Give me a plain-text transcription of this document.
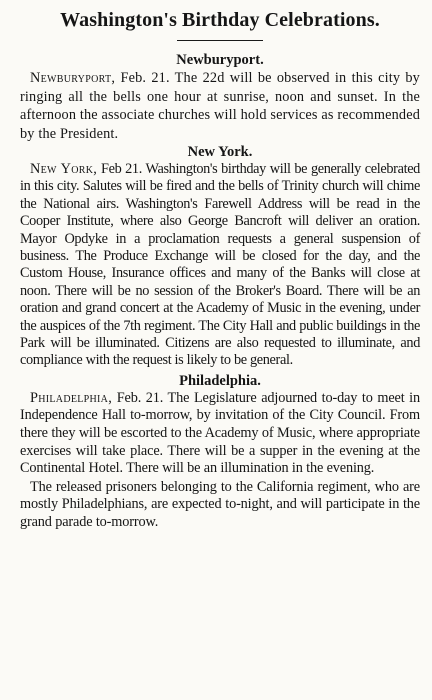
Washington's Birthday Celebrations.
Newburyport.

Newburyport, Feb. 21. The 22d will be observed in this city by ringing all the bells one hour at sunrise, noon and sunset. In the afternoon the associate churches will hold services as recommended by the President.

New York.

New York, Feb 21. Washington's birthday will be generally celebrated in this city. Salutes will be fired and the bells of Trinity church will chime the National airs. Washington's Farewell Address will be read in the Cooper Institute, where also George Bancroft will deliver an oration. Mayor Opdyke in a proclamation requests a general suspension of business. The Produce Exchange will be closed for the day, and the Custom House, Insurance offices and many of the Banks will close at noon. There will be no session of the Broker's Board. There will be an oration and grand concert at the Academy of Music in the evening, under the auspices of the 7th regiment. The City Hall and public buildings in the Park will be illuminated. Citizens are also requested to illuminate, and compliance with the request is likely to be general.

Philadelphia.

Philadelphia, Feb. 21. The Legislature adjourned to-day to meet in Independence Hall to-morrow, by invitation of the City Council. From there they will be escorted to the Academy of Music, where appropriate exercises will take place. There will be a supper in the evening at the Continental Hotel. There will be an illumination in the evening.

The released prisoners belonging to the California regiment, who are mostly Philadelphians, are expected to-night, and will participate in the grand parade to-morrow.
